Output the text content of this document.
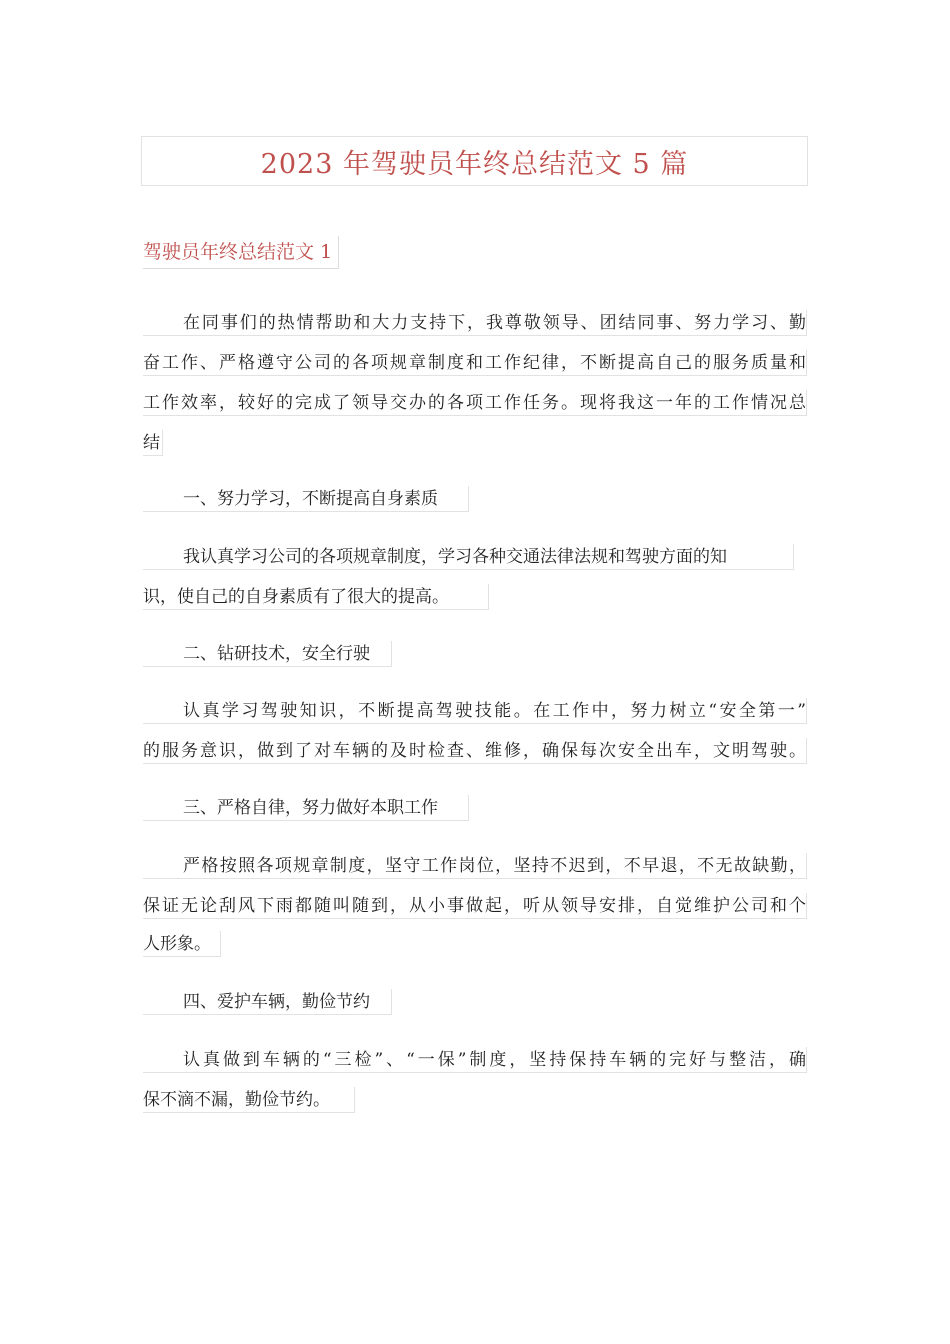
2023 年驾驶员年终总结范文 5 篇
驾驶员年终总结范文 1
在同事们的热情帮助和大力支持下，我尊敬领导、团结同事、努力学习、勤
奋工作、严格遵守公司的各项规章制度和工作纪律，不断提高自己的服务质量和
工作效率，较好的完成了领导交办的各项工作任务。现将我这一年的工作情况总
结
一、努力学习，不断提高自身素质
我认真学习公司的各项规章制度，学习各种交通法律法规和驾驶方面的知
识，使自己的自身素质有了很大的提高。
二、钻研技术，安全行驶
认真学习驾驶知识，不断提高驾驶技能。在工作中，努力树立“安全第一”
的服务意识，做到了对车辆的及时检查、维修，确保每次安全出车，文明驾驶。
三、严格自律，努力做好本职工作
严格按照各项规章制度，坚守工作岗位，坚持不迟到，不早退，不无故缺勤，
保证无论刮风下雨都随叫随到，从小事做起，听从领导安排，自觉维护公司和个
人形象。
四、爱护车辆，勤俭节约
认真做到车辆的“三检”、“一保”制度，坚持保持车辆的完好与整洁，确
保不滴不漏，勤俭节约。
